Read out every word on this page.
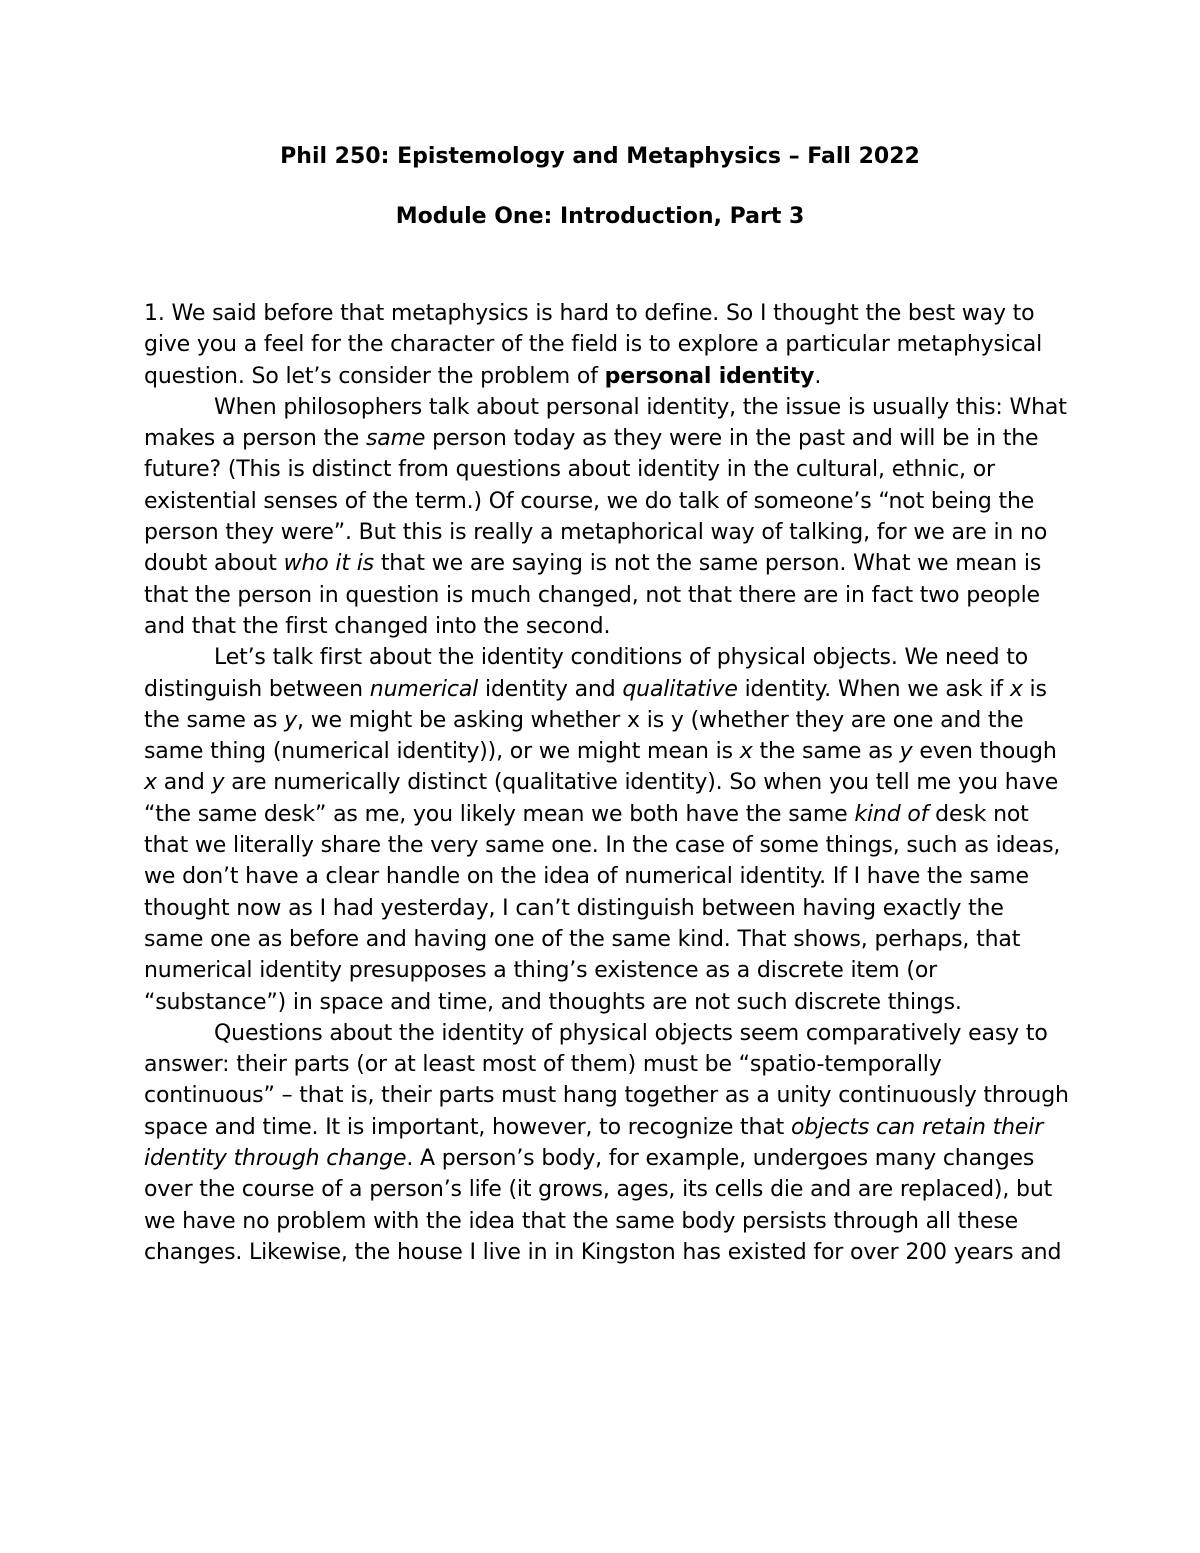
Phil 250: Epistemology and Metaphysics – Fall 2022
Module One: Introduction, Part 3

1. We said before that metaphysics is hard to define. So I thought the best way to give you a feel for the character of the field is to explore a particular metaphysical question. So let’s consider the problem of personal identity.

When philosophers talk about personal identity, the issue is usually this: What makes a person the same person today as they were in the past and will be in the future? (This is distinct from questions about identity in the cultural, ethnic, or existential senses of the term.) Of course, we do talk of someone’s “not being the person they were”. But this is really a metaphorical way of talking, for we are in no doubt about who it is that we are saying is not the same person. What we mean is that the person in question is much changed, not that there are in fact two people and that the first changed into the second.

Let’s talk first about the identity conditions of physical objects. We need to distinguish between numerical identity and qualitative identity. When we ask if x is the same as y, we might be asking whether x is y (whether they are one and the same thing (numerical identity)), or we might mean is x the same as y even though x and y are numerically distinct (qualitative identity). So when you tell me you have “the same desk” as me, you likely mean we both have the same kind of desk not that we literally share the very same one. In the case of some things, such as ideas, we don’t have a clear handle on the idea of numerical identity. If I have the same thought now as I had yesterday, I can’t distinguish between having exactly the same one as before and having one of the same kind. That shows, perhaps, that numerical identity presupposes a thing’s existence as a discrete item (or “substance”) in space and time, and thoughts are not such discrete things.

Questions about the identity of physical objects seem comparatively easy to answer: their parts (or at least most of them) must be “spatio-temporally continuous” – that is, their parts must hang together as a unity continuously through space and time. It is important, however, to recognize that objects can retain their identity through change. A person’s body, for example, undergoes many changes over the course of a person’s life (it grows, ages, its cells die and are replaced), but we have no problem with the idea that the same body persists through all these changes. Likewise, the house I live in in Kingston has existed for over 200 years and
